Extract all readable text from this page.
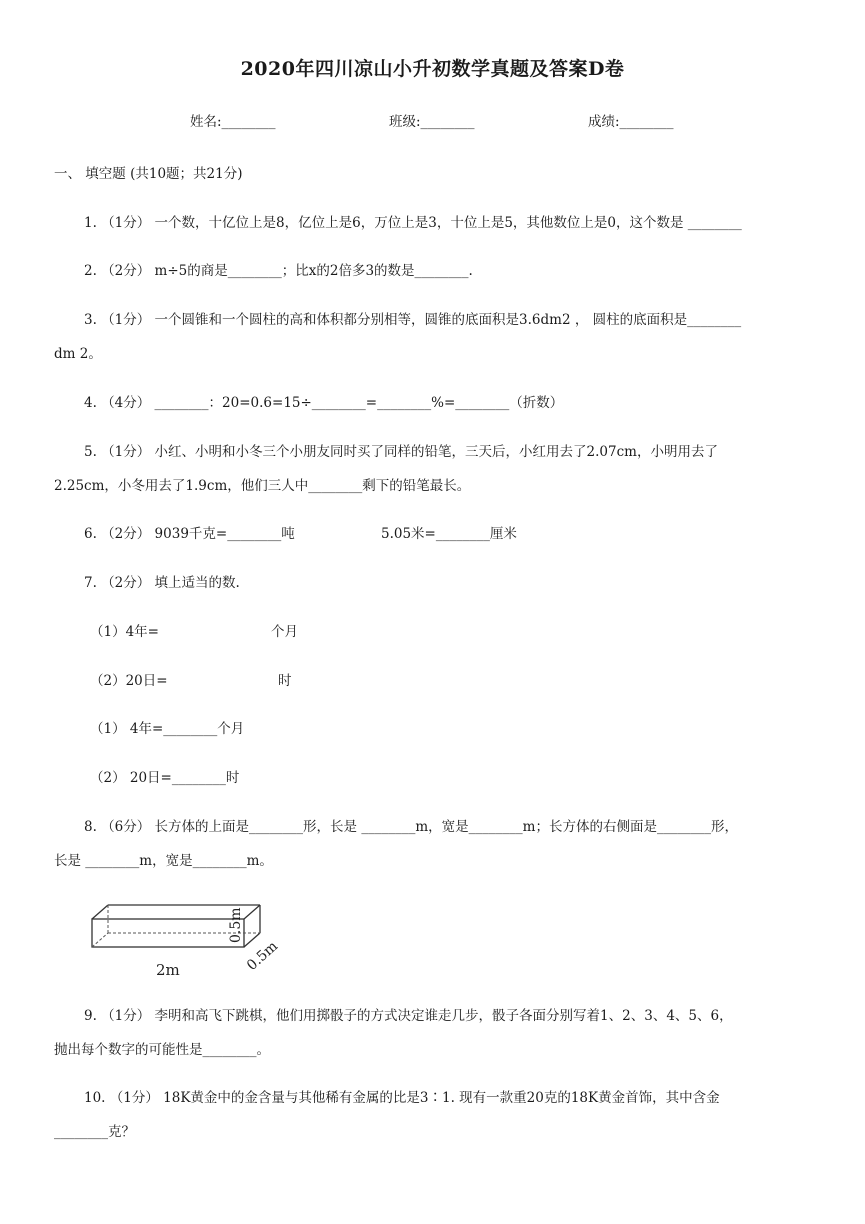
2020年四川凉山小升初数学真题及答案D卷
姓名:________	班级:________	成绩:________
一、 填空题 (共10题；共21分)
1. （1分） 一个数，十亿位上是8，亿位上是6，万位上是3，十位上是5，其他数位上是0，这个数是 ________
2. （2分） m÷5的商是________；比x的2倍多3的数是________.
3. （1分） 一个圆锥和一个圆柱的高和体积都分别相等，圆锥的底面积是3.6dm2 ， 圆柱的底面积是________
dm 2。
4. （4分） ________：20=0.6=15÷________=________%=________（折数）
5. （1分） 小红、小明和小冬三个小朋友同时买了同样的铅笔，三天后，小红用去了2.07cm，小明用去了
2.25cm，小冬用去了1.9cm，他们三人中________剩下的铅笔最长。
6. （2分） 9039千克=________吨	5.05米=________厘米
7. （2分） 填上适当的数.
（1）4年=	个月
（2）20日=	时
（1） 4年=________个月
（2） 20日=________时
8. （6分） 长方体的上面是________形，长是 ________m，宽是________m；长方体的右侧面是________形，
长是 ________m，宽是________m。
2m
0.5m
0.5m
9. （1分） 李明和高飞下跳棋，他们用掷骰子的方式决定谁走几步，骰子各面分别写着1、2、3、4、5、6，
抛出每个数字的可能性是________。
10. （1分） 18K黄金中的金含量与其他稀有金属的比是3∶1. 现有一款重20克的18K黄金首饰，其中含金
________克？
